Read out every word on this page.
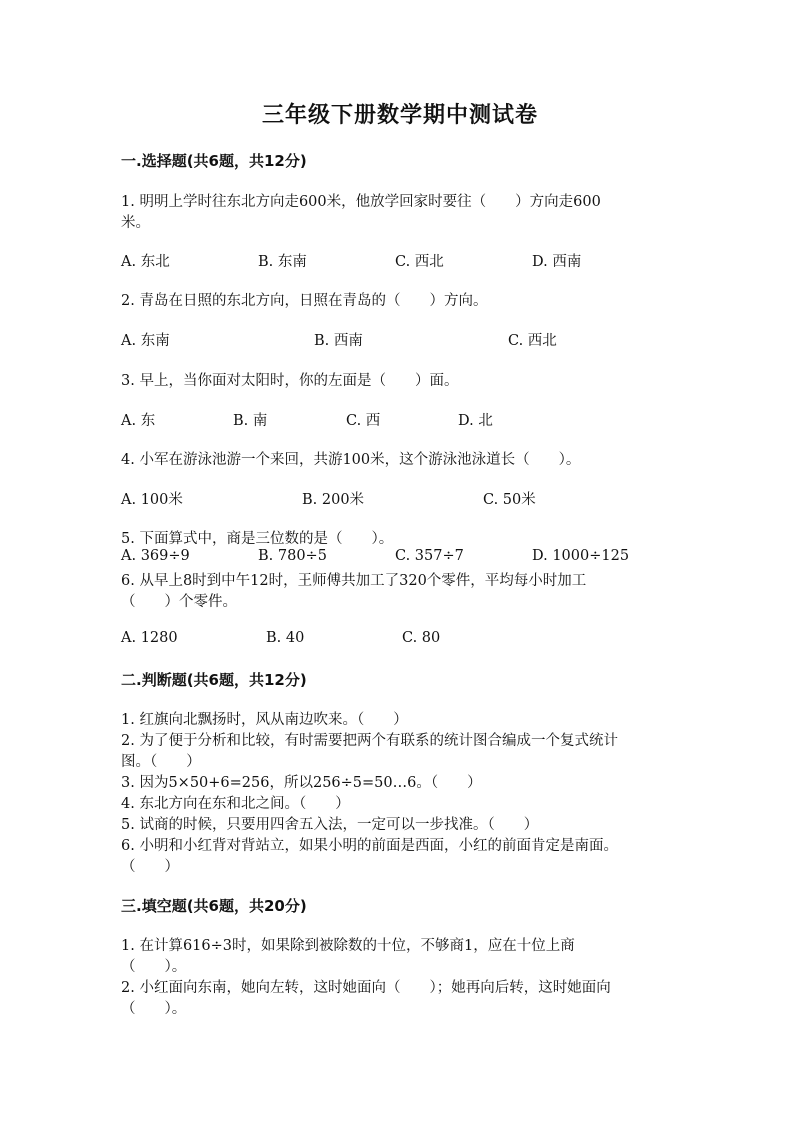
三年级下册数学期中测试卷
一.选择题(共6题，共12分)
1. 明明上学时往东北方向走600米，他放学回家时要往（　　）方向走600
米。
A. 东北	B. 东南	C. 西北	D. 西南
2. 青岛在日照的东北方向，日照在青岛的（　　）方向。
A. 东南	B. 西南	C. 西北
3. 早上，当你面对太阳时，你的左面是（　　）面。
A. 东	B. 南	C. 西	D. 北
4. 小军在游泳池游一个来回，共游100米，这个游泳池泳道长（　　）。
A. 100米	B. 200米	C. 50米
5. 下面算式中，商是三位数的是（　　）。
A. 369÷9	B. 780÷5	C. 357÷7	D. 1000÷125
6. 从早上8时到中午12时，王师傅共加工了320个零件，平均每小时加工
（　　）个零件。
A. 1280	B. 40	C. 80
二.判断题(共6题，共12分)
1. 红旗向北飘扬时，风从南边吹来。（　　）
2. 为了便于分析和比较，有时需要把两个有联系的统计图合编成一个复式统计
图。（　　）
3. 因为5×50+6=256，所以256÷5=50…6。（　　）
4. 东北方向在东和北之间。（　　）
5. 试商的时候，只要用四舍五入法，一定可以一步找准。（　　）
6. 小明和小红背对背站立，如果小明的前面是西面，小红的前面肯定是南面。
（　　）
三.填空题(共6题，共20分)
1. 在计算616÷3时，如果除到被除数的十位，不够商1，应在十位上商
（　　）。
2. 小红面向东南，她向左转，这时她面向（　　）；她再向后转，这时她面向
（　　）。
